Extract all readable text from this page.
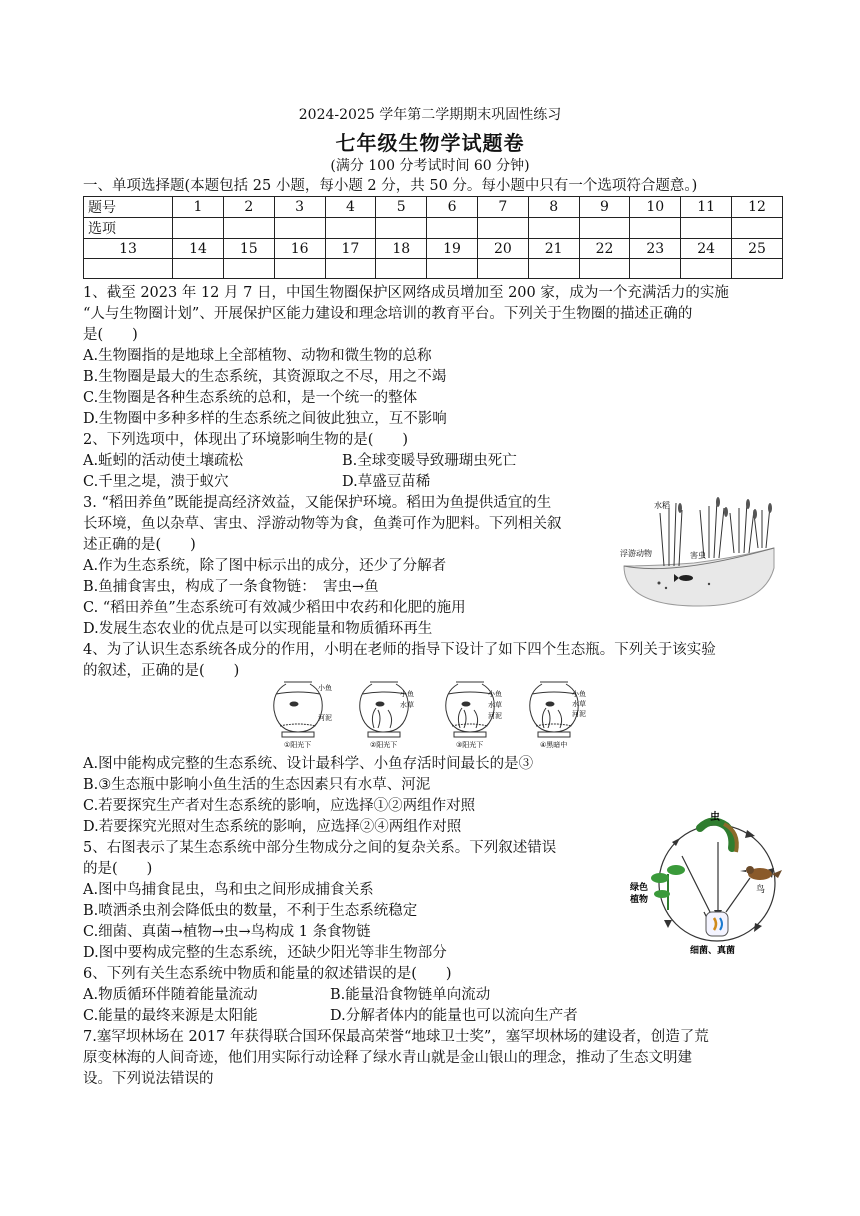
2024-2025 学年第二学期期末巩固性练习
七年级生物学试题卷
(满分 100 分考试时间 60 分钟)
一、单项选择题(本题包括 25 小题，每小题 2 分，共 50 分。每小题中只有一个选项符合题意。)
题号	1	2	3	4	5	6	7	8	9	10	11	12
选项												
13	14	15	16	17	18	19	20	21	22	23	24	25

1、截至 2023 年 12 月 7 日，中国生物圈保护区网络成员增加至 200 家，成为一个充满活力的实施
“人与生物圈计划”、开展保护区能力建设和理念培训的教育平台。下列关于生物圈的描述正确的
是(　　)
A.生物圈指的是地球上全部植物、动物和微生物的总称
B.生物圈是最大的生态系统，其资源取之不尽，用之不竭
C.生物圈是各种生态系统的总和，是一个统一的整体
D.生物圈中多种多样的生态系统之间彼此独立，互不影响
2、下列选项中，体现出了环境影响生物的是(　　)
A.蚯蚓的活动使土壤疏松	B.全球变暖导致珊瑚虫死亡
C.千里之堤，溃于蚁穴	D.草盛豆苗稀
3. “稻田养鱼”既能提高经济效益，又能保护环境。稻田为鱼提供适宜的生
长环境，鱼以杂草、害虫、浮游动物等为食，鱼粪可作为肥料。下列相关叙
述正确的是(　　)
A.作为生态系统，除了图中标示出的成分，还少了分解者
B.鱼捕食害虫，构成了一条食物链：　害虫→鱼
C. “稻田养鱼”生态系统可有效减少稻田中农药和化肥的施用
D.发展生态农业的优点是可以实现能量和物质循环再生
水稻
浮游动物	害虫
4、为了认识生态系统各成分的作用，小明在老师的指导下设计了如下四个生态瓶。下列关于该实验
的叙述，正确的是(　　)
小鱼
河泥
小鱼
水草
小鱼
水草
河泥
小鱼
水草
河泥
①阳光下	②阳光下	③阳光下	④黑暗中
A.图中能构成完整的生态系统、设计最科学、小鱼存活时间最长的是③
B.③生态瓶中影响小鱼生活的生态因素只有水草、河泥
C.若要探究生产者对生态系统的影响，应选择①②两组作对照
D.若要探究光照对生态系统的影响，应选择②④两组作对照
5、右图表示了某生态系统中部分生物成分之间的复杂关系。下列叙述错误
的是(　　)
A.图中鸟捕食昆虫，鸟和虫之间形成捕食关系
B.喷洒杀虫剂会降低虫的数量，不利于生态系统稳定
C.细菌、真菌→植物→虫→鸟构成 1 条食物链
D.图中要构成完整的生态系统，还缺少阳光等非生物部分
虫
鸟
绿色
植物
细菌、真菌
6、下列有关生态系统中物质和能量的叙述错误的是(　　)
A.物质循环伴随着能量流动	B.能量沿食物链单向流动
C.能量的最终来源是太阳能	D.分解者体内的能量也可以流向生产者
7.塞罕坝林场在 2017 年获得联合国环保最高荣誉“地球卫士奖”，塞罕坝林场的建设者，创造了荒
原变林海的人间奇迹，他们用实际行动诠释了绿水青山就是金山银山的理念，推动了生态文明建
设。下列说法错误的
